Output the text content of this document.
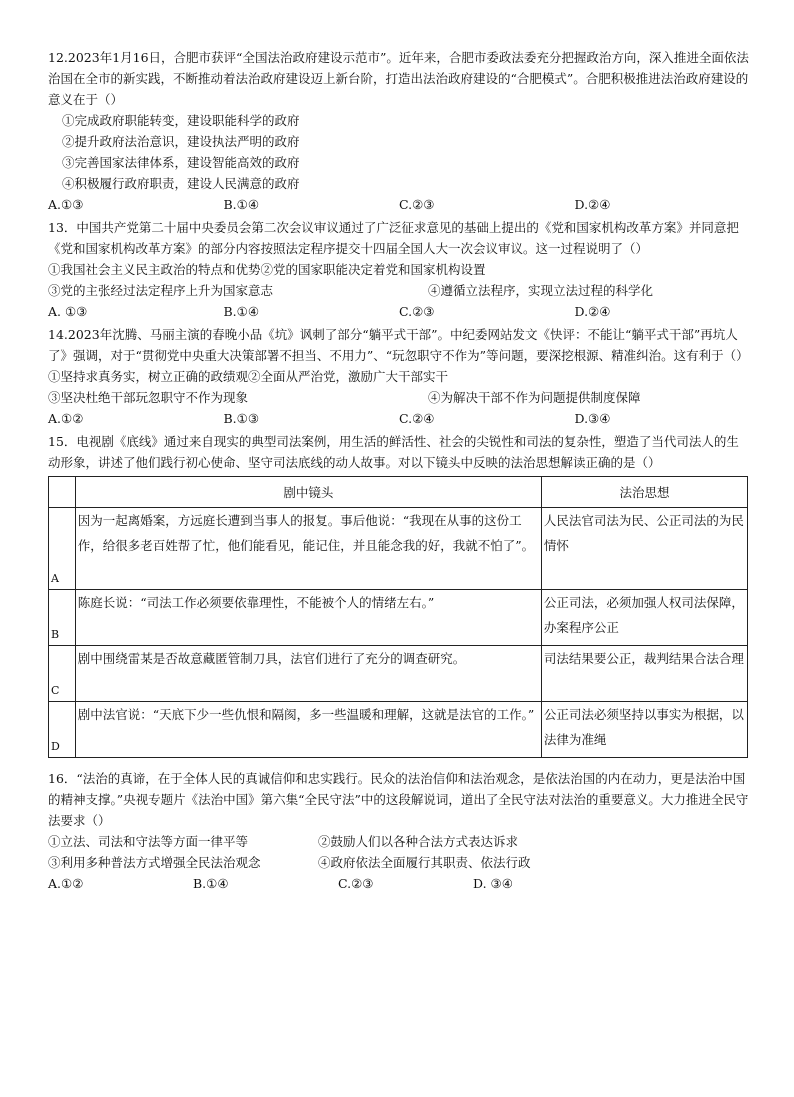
12.2023年1月16日，合肥市获评“全国法治政府建设示范市”。近年来，合肥市委政法委充分把握政治方向，深入推进全面依法治国在全市的新实践，不断推动着法治政府建设迈上新台阶，打造出法治政府建设的“合肥模式”。合肥积极推进法治政府建设的意义在于（）

①完成政府职能转变，建设职能科学的政府

②提升政府法治意识，建设执法严明的政府

③完善国家法律体系，建设智能高效的政府

④积极履行政府职责，建设人民满意的政府

A.①③	B.①④	C.②③	D.②④

13．中国共产党第二十届中央委员会第二次会议审议通过了广泛征求意见的基础上提出的《党和国家机构改革方案》并同意把《党和国家机构改革方案》的部分内容按照法定程序提交十四届全国人大一次会议审议。这一过程说明了（）

①我国社会主义民主政治的特点和优势②党的国家职能决定着党和国家机构设置

③党的主张经过法定程序上升为国家意志	④遵循立法程序，实现立法过程的科学化

A. ①③	B.①④	C.②③	D.②④

14.2023年沈腾、马丽主演的春晚小品《坑》讽刺了部分“躺平式干部”。中纪委网站发文《快评：不能让“躺平式干部”再坑人了》强调，对于“贯彻党中央重大决策部署不担当、不用力”、“玩忽职守不作为”等问题，要深挖根源、精准纠治。这有利于（）

①坚持求真务实，树立正确的政绩观②全面从严治党，激励广大干部实干

③坚决杜绝干部玩忽职守不作为现象	④为解决干部不作为问题提供制度保障

A.①②	B.①③	C.②④	D.③④

15．电视剧《底线》通过来自现实的典型司法案例，用生活的鲜活性、社会的尖锐性和司法的复杂性，塑造了当代司法人的生动形象，讲述了他们践行初心使命、坚守司法底线的动人故事。对以下镜头中反映的法治思想解读正确的是（）

	剧中镜头	法治思想
A	因为一起离婚案，方远庭长遭到当事人的报复。事后他说：“我现在从事的这份工作，给很多老百姓帮了忙，他们能看见，能记住，并且能念我的好，我就不怕了”。	人民法官司法为民、公正司法的为民情怀
B	陈庭长说：“司法工作必须要依靠理性，不能被个人的情绪左右。”	公正司法，必须加强人权司法保障，办案程序公正
C	剧中围绕雷某是否故意藏匿管制刀具，法官们进行了充分的调查研究。	司法结果要公正，裁判结果合法合理
D	剧中法官说：“天底下少一些仇恨和隔阂，多一些温暖和理解，这就是法官的工作。”	公正司法必须坚持以事实为根据，以法律为准绳

16．“法治的真谛，在于全体人民的真诚信仰和忠实践行。民众的法治信仰和法治观念，是依法治国的内在动力，更是法治中国的精神支撑。”央视专题片《法治中国》第六集“全民守法”中的这段解说词，道出了全民守法对法治的重要意义。大力推进全民守法要求（）

①立法、司法和守法等方面一律平等	②鼓励人们以各种合法方式表达诉求

③利用多种普法方式增强全民法治观念	④政府依法全面履行其职责、依法行政

A.①②	B.①④	C.②③	D. ③④
